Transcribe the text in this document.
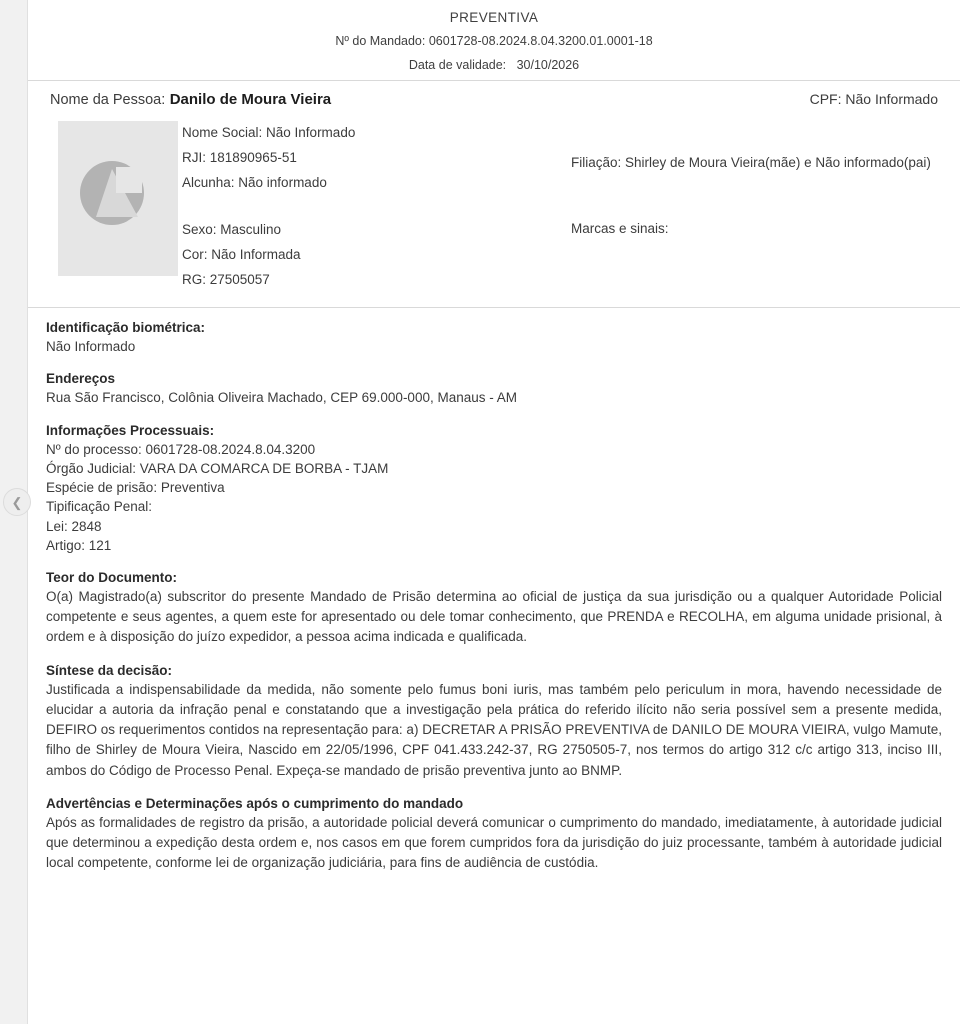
❮
PREVENTIVA
Nº do Mandado: 0601728-08.2024.8.04.3200.01.0001-18
Data de validade: 30/10/2026
Nome da Pessoa: Danilo de Moura Vieira	CPF: Não Informado
Nome Social: Não Informado
RJI: 181890965-51
Alcunha: Não informado
Sexo: Masculino
Cor: Não Informada
RG: 27505057
Filiação: Shirley de Moura Vieira(mãe) e Não informado(pai)
Marcas e sinais:
Identificação biométrica:
Não Informado
Endereços
Rua São Francisco, Colônia Oliveira Machado, CEP 69.000-000, Manaus - AM
Informações Processuais:
Nº do processo: 0601728-08.2024.8.04.3200
Órgão Judicial: VARA DA COMARCA DE BORBA - TJAM
Espécie de prisão: Preventiva
Tipificação Penal:
Lei: 2848
Artigo: 121
Teor do Documento:
O(a) Magistrado(a) subscritor do presente Mandado de Prisão determina ao oficial de justiça da sua jurisdição ou a qualquer Autoridade Policial competente e seus agentes, a quem este for apresentado ou dele tomar conhecimento, que PRENDA e RECOLHA, em alguma unidade prisional, à ordem e à disposição do juízo expedidor, a pessoa acima indicada e qualificada.
Síntese da decisão:
Justificada a indispensabilidade da medida, não somente pelo fumus boni iuris, mas também pelo periculum in mora, havendo necessidade de elucidar a autoria da infração penal e constatando que a investigação pela prática do referido ilícito não seria possível sem a presente medida, DEFIRO os requerimentos contidos na representação para: a) DECRETAR A PRISÃO PREVENTIVA de DANILO DE MOURA VIEIRA, vulgo Mamute, filho de Shirley de Moura Vieira, Nascido em 22/05/1996, CPF 041.433.242-37, RG 2750505-7, nos termos do artigo 312 c/c artigo 313, inciso III, ambos do Código de Processo Penal. Expeça-se mandado de prisão preventiva junto ao BNMP.
Advertências e Determinações após o cumprimento do mandado
Após as formalidades de registro da prisão, a autoridade policial deverá comunicar o cumprimento do mandado, imediatamente, à autoridade judicial que determinou a expedição desta ordem e, nos casos em que forem cumpridos fora da jurisdição do juiz processante, também à autoridade judicial local competente, conforme lei de organização judiciária, para fins de audiência de custódia.
